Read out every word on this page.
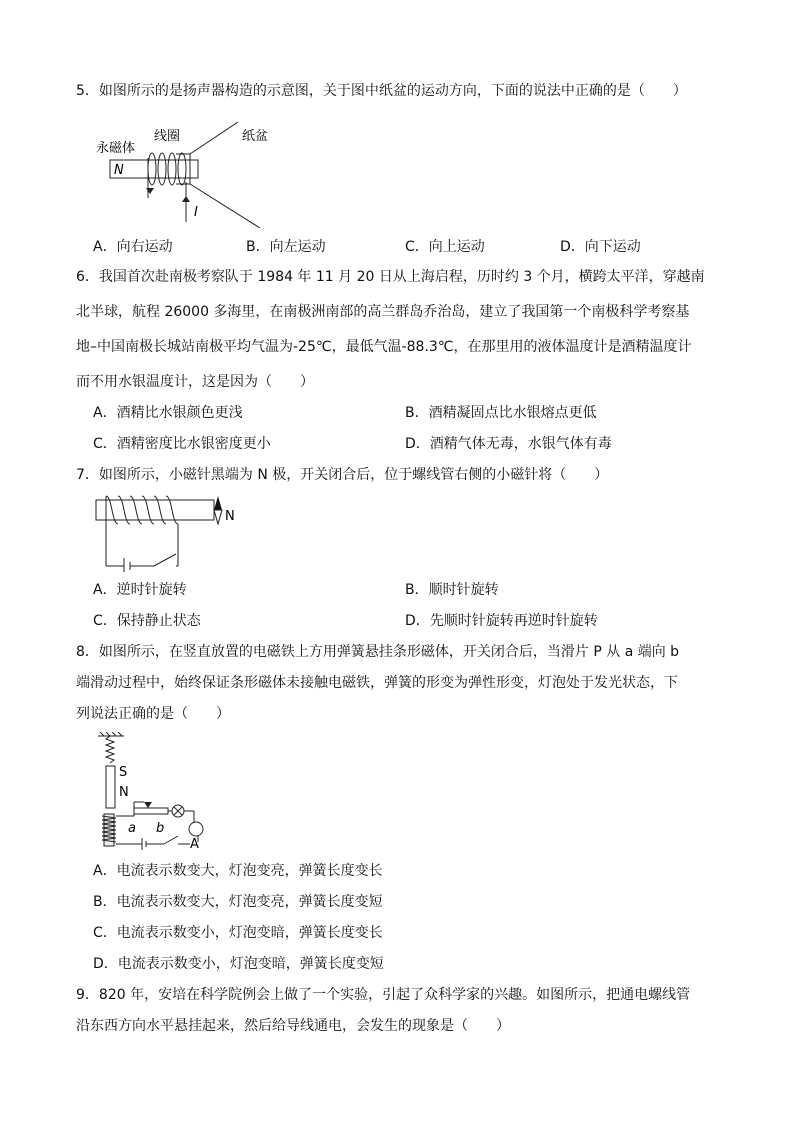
5．如图所示的是扬声器构造的示意图，关于图中纸盆的运动方向，下面的说法中正确的是（　　）
永磁体
线圈	纸盆
N
I
A．向右运动	B．向左运动	C．向上运动	D．向下运动
6．我国首次赴南极考察队于 1984 年 11 月 20 日从上海启程，历时约 3 个月，横跨太平洋，穿越南
北半球，航程 26000 多海里，在南极洲南部的高兰群岛乔治岛，建立了我国第一个南极科学考察基
地–中国南极长城站南极平均气温为-25℃，最低气温-88.3℃，在那里用的液体温度计是酒精温度计
而不用水银温度计，这是因为（　　）
A．酒精比水银颜色更浅	B．酒精凝固点比水银熔点更低
C．酒精密度比水银密度更小	D．酒精气体无毒，水银气体有毒
7．如图所示，小磁针黑端为 N 极，开关闭合后，位于螺线管右侧的小磁针将（　　）
N
A．逆时针旋转	B．顺时针旋转
C．保持静止状态	D．先顺时针旋转再逆时针旋转
8．如图所示，在竖直放置的电磁铁上方用弹簧悬挂条形磁体，开关闭合后，当滑片 P 从 a 端向 b
端滑动过程中，始终保证条形磁体未接触电磁铁，弹簧的形变为弹性形变，灯泡处于发光状态，下
列说法正确的是（　　）
S
N
a b
A
A．电流表示数变大，灯泡变亮，弹簧长度变长
B．电流表示数变大，灯泡变亮，弹簧长度变短
C．电流表示数变小，灯泡变暗，弹簧长度变长
D．电流表示数变小，灯泡变暗，弹簧长度变短
9．820 年，安培在科学院例会上做了一个实验，引起了众科学家的兴趣。如图所示，把通电螺线管
沿东西方向水平悬挂起来，然后给导线通电，会发生的现象是（　　）
